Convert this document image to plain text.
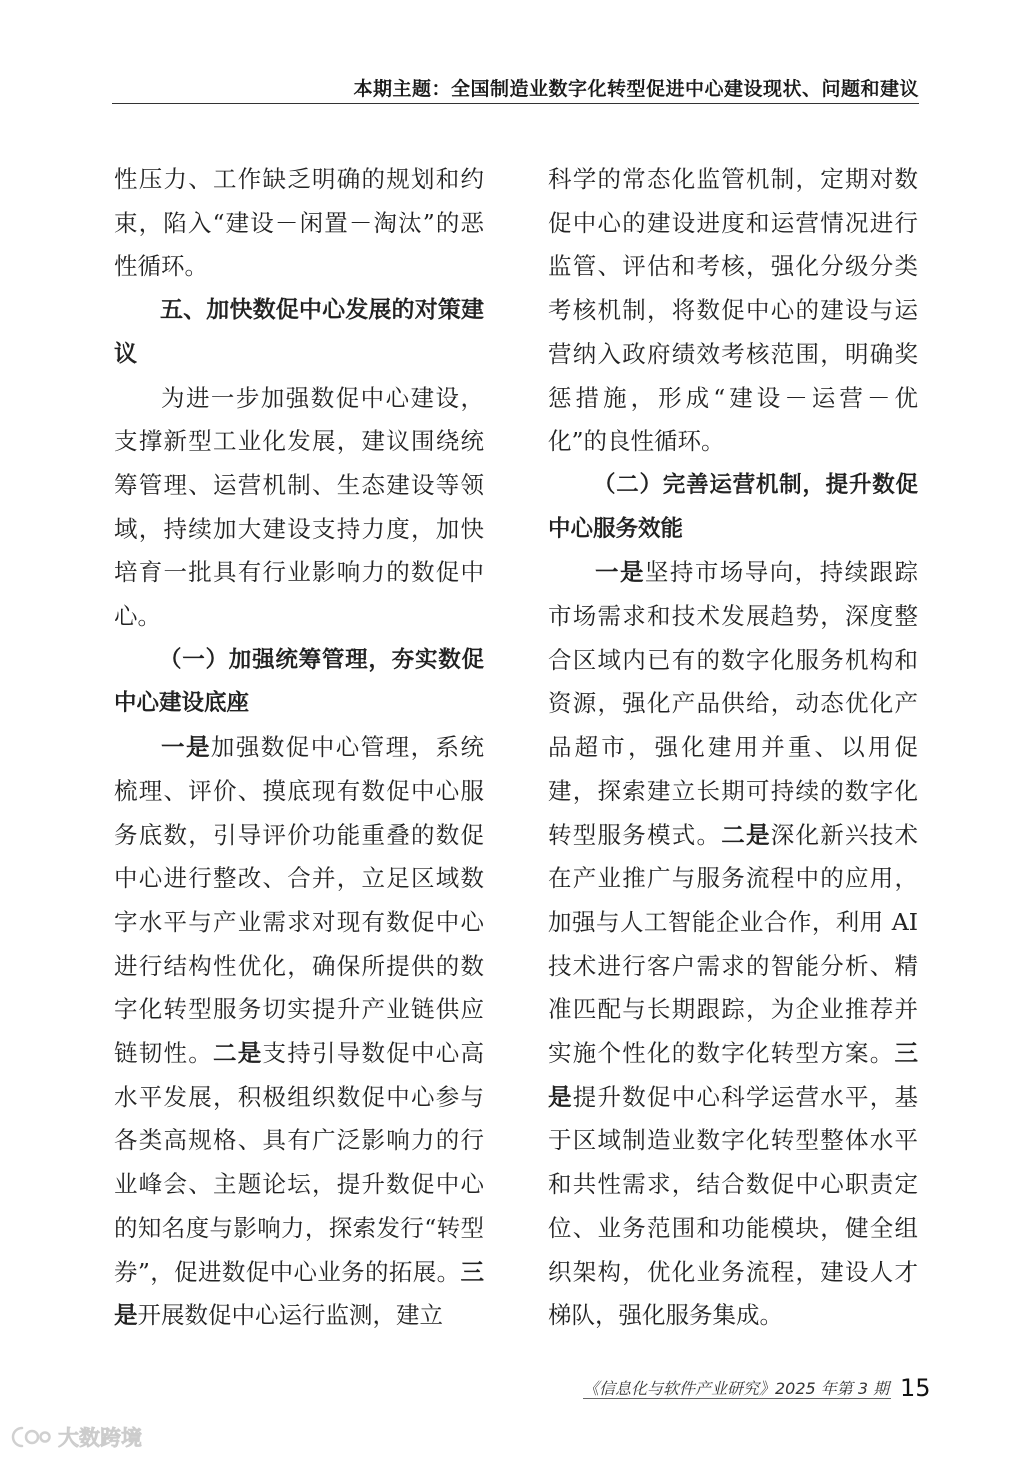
本期主题：全国制造业数字化转型促进中心建设现状、问题和建议

性压力、工作缺乏明确的规划和约束，陷入“建设－闲置－淘汰”的恶性循环。

五、加快数促中心发展的对策建议

为进一步加强数促中心建设，支撑新型工业化发展，建议围绕统筹管理、运营机制、生态建设等领域，持续加大建设支持力度，加快培育一批具有行业影响力的数促中心。

（一）加强统筹管理，夯实数促中心建设底座

一是加强数促中心管理，系统梳理、评价、摸底现有数促中心服务底数，引导评价功能重叠的数促中心进行整改、合并，立足区域数字水平与产业需求对现有数促中心进行结构性优化，确保所提供的数字化转型服务切实提升产业链供应链韧性。二是支持引导数促中心高水平发展，积极组织数促中心参与各类高规格、具有广泛影响力的行业峰会、主题论坛，提升数促中心的知名度与影响力，探索发行“转型券”，促进数促中心业务的拓展。三是开展数促中心运行监测，建立

科学的常态化监管机制，定期对数促中心的建设进度和运营情况进行监管、评估和考核，强化分级分类考核机制，将数促中心的建设与运营纳入政府绩效考核范围，明确奖惩措施，形成“建设－运营－优化”的良性循环。

（二）完善运营机制，提升数促中心服务效能

一是坚持市场导向，持续跟踪市场需求和技术发展趋势，深度整合区域内已有的数字化服务机构和资源，强化产品供给，动态优化产品超市，强化建用并重、以用促建，探索建立长期可持续的数字化转型服务模式。二是深化新兴技术在产业推广与服务流程中的应用，加强与人工智能企业合作，利用 AI 技术进行客户需求的智能分析、精准匹配与长期跟踪，为企业推荐并实施个性化的数字化转型方案。三是提升数促中心科学运营水平，基于区域制造业数字化转型整体水平和共性需求，结合数促中心职责定位、业务范围和功能模块，健全组织架构，优化业务流程，建设人才梯队，强化服务集成。

《信息化与软件产业研究》2025 年第 3 期 15
大数跨境
